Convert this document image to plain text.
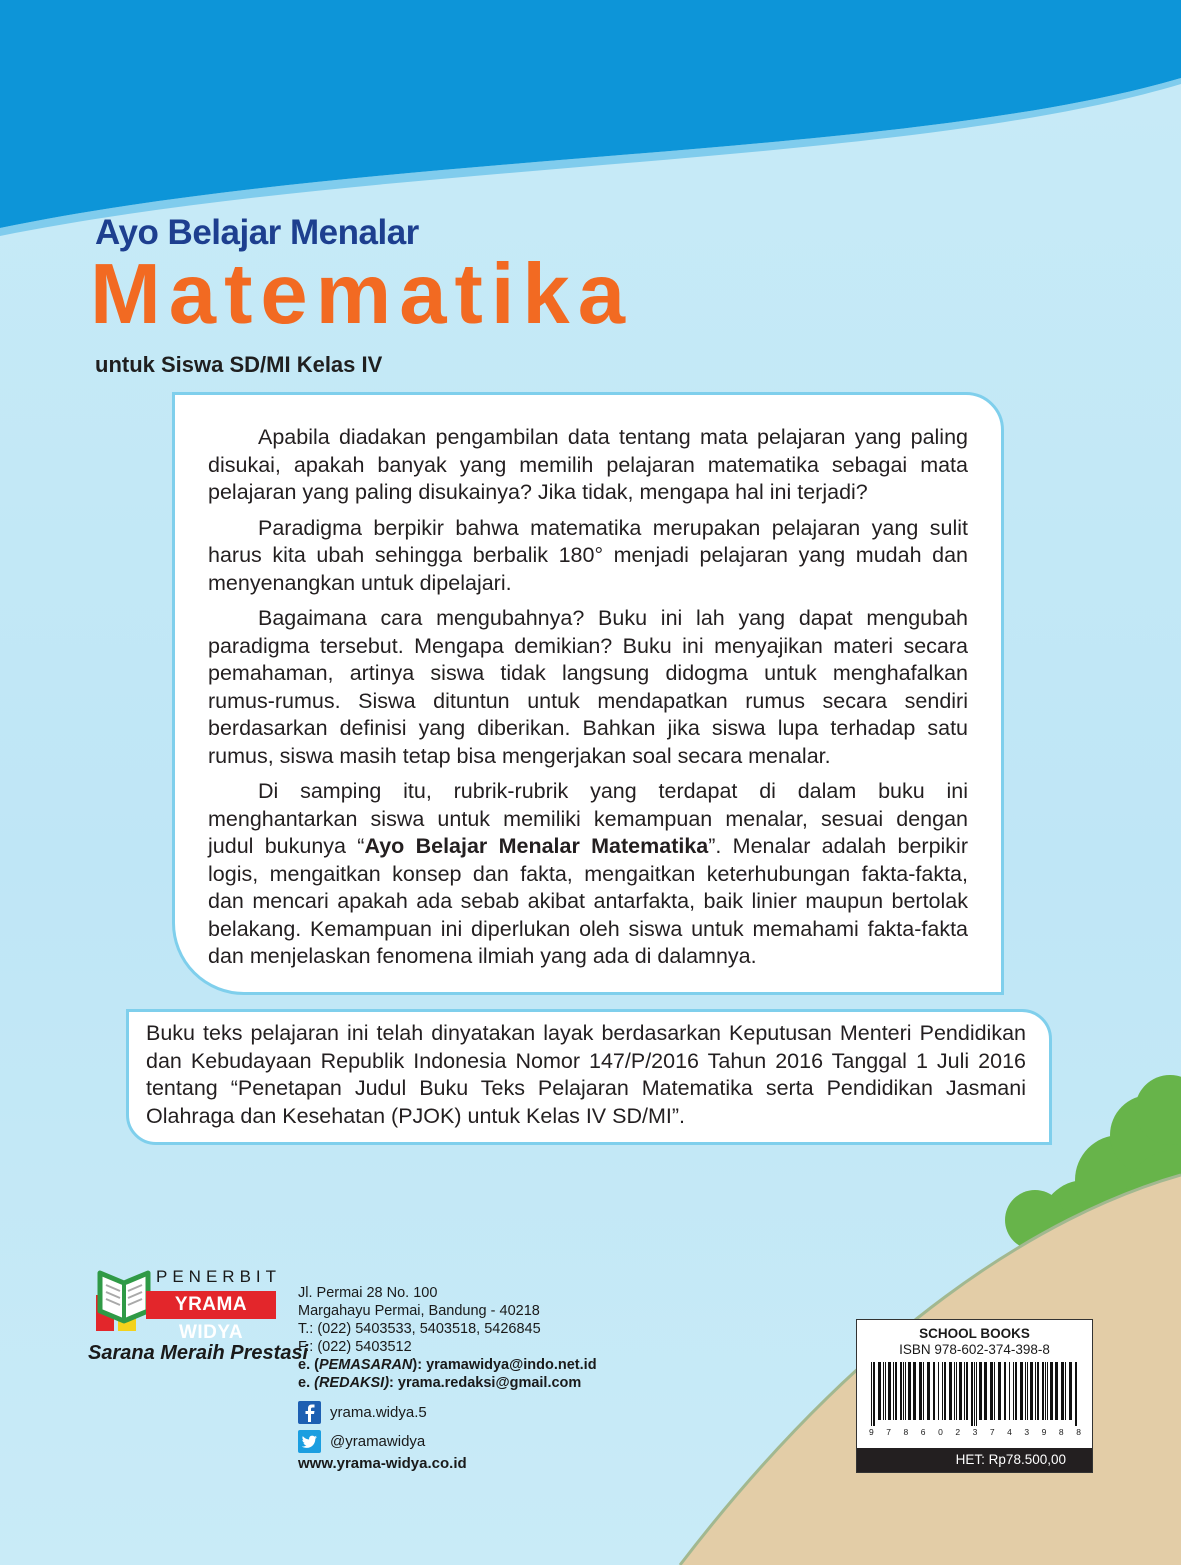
Ayo Belajar Menalar
Matematika
untuk Siswa SD/MI Kelas IV

Apabila diadakan pengambilan data tentang mata pelajaran yang paling disukai, apakah banyak yang memilih pelajaran matematika sebagai mata pelajaran yang paling disukainya? Jika tidak, mengapa hal ini terjadi?

Paradigma berpikir bahwa matematika merupakan pelajaran yang sulit harus kita ubah sehingga berbalik 180° menjadi pelajaran yang mudah dan menyenangkan untuk dipelajari.

Bagaimana cara mengubahnya? Buku ini lah yang dapat mengubah paradigma tersebut. Mengapa demikian? Buku ini menyajikan materi secara pemahaman, artinya siswa tidak langsung didogma untuk menghafalkan rumus-rumus. Siswa dituntun untuk mendapatkan rumus secara sendiri berdasarkan definisi yang diberikan. Bahkan jika siswa lupa terhadap satu rumus, siswa masih tetap bisa mengerjakan soal secara menalar.

Di samping itu, rubrik-rubrik yang terdapat di dalam buku ini menghantarkan siswa untuk memiliki kemampuan menalar, sesuai dengan judul bukunya “Ayo Belajar Menalar Matematika”. Menalar adalah berpikir logis, mengaitkan konsep dan fakta, mengaitkan keterhubungan fakta-fakta, dan mencari apakah ada sebab akibat antarfakta, baik linier maupun bertolak belakang. Kemampuan ini diperlukan oleh siswa untuk memahami fakta-fakta dan menjelaskan fenomena ilmiah yang ada di dalamnya.

Buku teks pelajaran ini telah dinyatakan layak berdasarkan Keputusan Menteri Pendidikan dan Kebudayaan Republik Indonesia Nomor 147/P/2016 Tahun 2016 Tanggal 1 Juli 2016 tentang “Penetapan Judul Buku Teks Pelajaran Matematika serta Pendidikan Jasmani Olahraga dan Kesehatan (PJOK) untuk Kelas IV SD/MI”.

PENERBIT

YRAMA WIDYA

Sarana Meraih Prestasi

Jl. Permai 28 No. 100
Margahayu Permai, Bandung - 40218
T.: (022) 5403533, 5403518, 5426845
F.: (022) 5403512
e. (PEMASARAN): yramawidya@indo.net.id
e. (REDAKSI): yrama.redaksi@gmail.com
yrama.widya.5
@yramawidya

www.yrama-widya.co.id

SCHOOL BOOKS

ISBN 978-602-374-398-8

9 7 8 6 0 2 3 7 4 3 9 8 8
HET: Rp78.500,00
